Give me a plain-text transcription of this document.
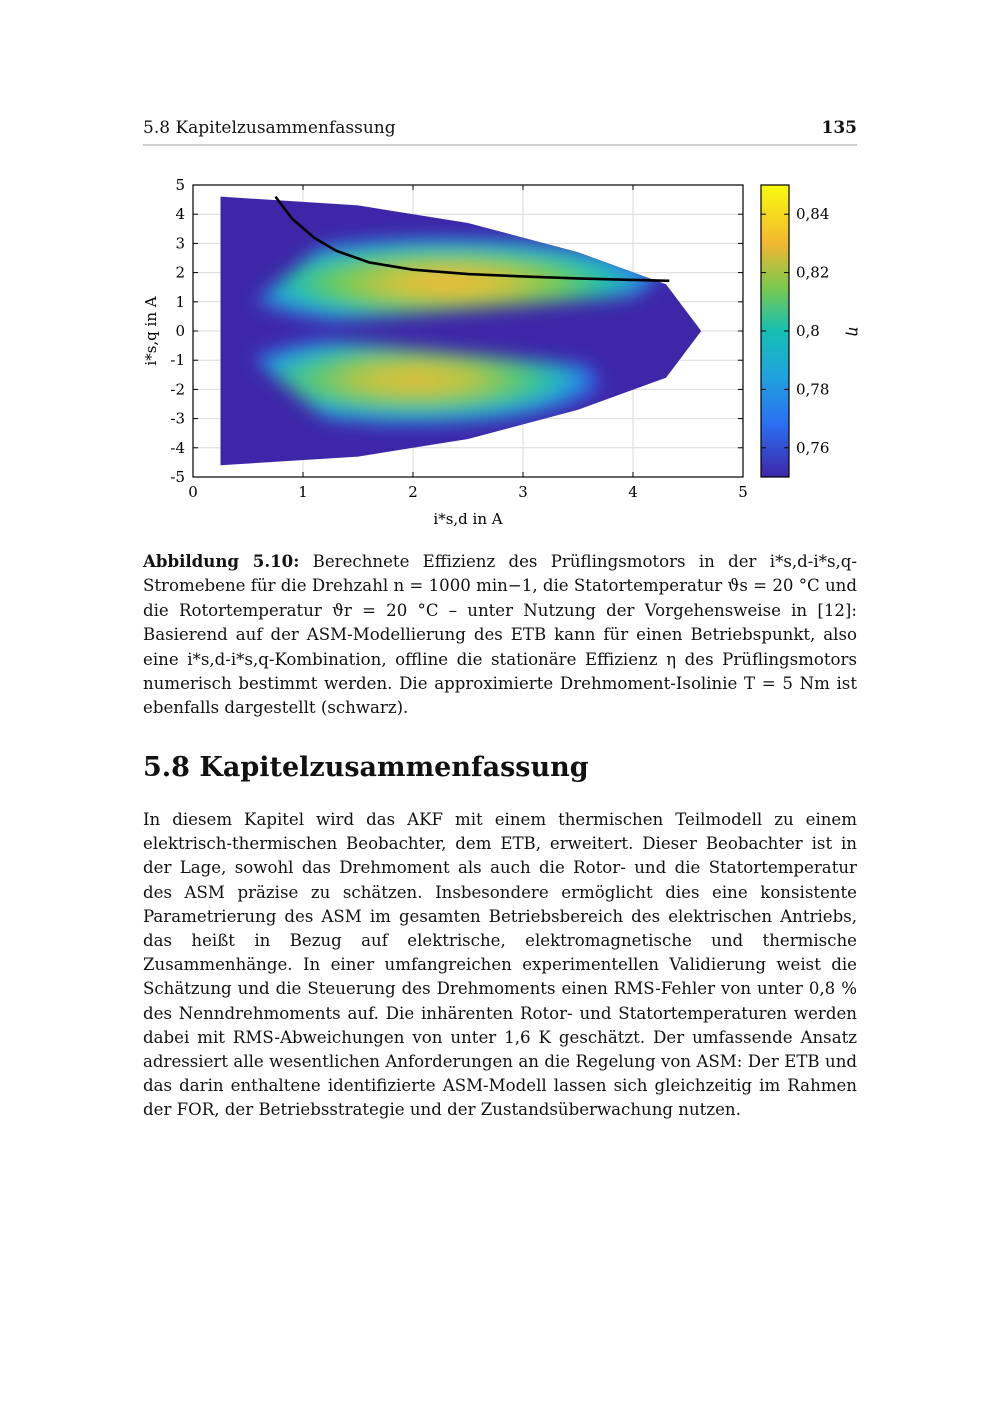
5.8 Kapitelzusammenfassung	135
0	1	2	3	4	5
5
4
3
2
1
0
-1
-2
-3
-4
-5
i*s,d in A
i*s,q in A
0,84
0,82
0,8
0,78
0,76
η
Abbildung 5.10: Berechnete Effizienz des Prüflingsmotors in der i*s,d-i*s,q-Stromebene für die Drehzahl n = 1000 min−1, die Statortemperatur ϑs = 20 °C und die Rotortemperatur ϑr = 20 °C – unter Nutzung der Vorgehensweise in [12]: Basierend auf der ASM-Modellierung des ETB kann für einen Betriebspunkt, also eine i*s,d-i*s,q-Kombination, offline die stationäre Effizienz η des Prüflingsmotors numerisch bestimmt werden. Die approximierte Drehmoment-Isolinie T = 5 Nm ist ebenfalls dargestellt (schwarz).
5.8 Kapitelzusammenfassung

In diesem Kapitel wird das AKF mit einem thermischen Teilmodell zu einem elektrisch-thermischen Beobachter, dem ETB, erweitert. Dieser Beobachter ist in der Lage, sowohl das Drehmoment als auch die Rotor- und die Statortemperatur des ASM präzise zu schätzen. Insbesondere ermöglicht dies eine konsistente Parametrierung des ASM im gesamten Betriebsbereich des elektrischen Antriebs, das heißt in Bezug auf elektrische, elektromagnetische und thermische Zusammenhänge. In einer umfangreichen experimentellen Validierung weist die Schätzung und die Steuerung des Drehmoments einen RMS-Fehler von unter 0,8 % des Nenndrehmoments auf. Die inhärenten Rotor- und Statortemperaturen werden dabei mit RMS-Abweichungen von unter 1,6 K geschätzt. Der umfassende Ansatz adressiert alle wesentlichen Anforderungen an die Regelung von ASM: Der ETB und das darin enthaltene identifizierte ASM-Modell lassen sich gleichzeitig im Rahmen der FOR, der Betriebsstrategie und der Zustandsüberwachung nutzen.
